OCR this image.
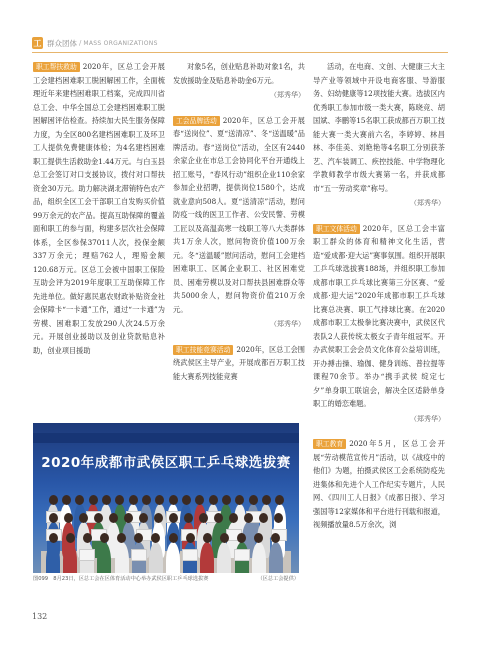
工 群众团体 / MASS ORGANIZATIONS

职工帮扶救助 2020年，区总工会开展工会建档困难职工脱困解困工作，全面梳理近年来建档困难职工档案，完成四川省总工会、中华全国总工会建档困难职工脱困解困评估检查。持续加大民生服务保障力度，为全区800名建档困难职工及环卫工人提供免费健康体检；为4名建档困难职工提供生活救助金1.44万元。与白玉县总工会签订对口支援协议，拨付对口帮扶资金30万元。助力解决湖北滞销特色农产品，组织全区工会干部职工自发购买价值99万余元的农产品。提高互助保障的覆盖面和职工的参与面，构建多层次社会保障体系，全区参保37011人次，投保金额337万余元；理赔762人，理赔金额120.68万元。区总工会被中国职工保险互助会评为2019年度职工互助保障工作先进单位。做好惠民惠农财政补贴资金社会保障卡“一卡通”工作，通过“一卡通”为劳模、困难职工发放290人次24.5万余元。开展创业援助以及创业贷款贴息补助，创业项目援助

对象5名，创业贴息补助对象1名，共发放援助金及贴息补助金6万元。

（郑秀华）

工会品牌活动 2020年，区总工会开展春“送岗位”、夏“送清凉”、冬“送温暖”品牌活动。春“送岗位”活动，全区有2440余家企业在市总工会协同化平台开通线上招工账号，“春风行动”组织企业110余家参加企业招聘，提供岗位1580个，达成就业意向508人。夏“送清凉”活动，慰问防疫一线的医卫工作者、公安民警、劳模工匠以及高温高寒一线职工等八大类群体共1万余人次，慰问物资价值100万余元。冬“送温暖”慰问活动，慰问工会建档困难职工、区属企业职工、社区困难党员、困难劳模以及对口帮扶县困难群众等共5000余人，慰问物资价值210万余元。

（郑秀华）

职工技能竞赛活动 2020年，区总工会围绕武侯区主导产业，开展成都百万职工技能大赛系列技能竞赛

活动，在电商、文创、大健康三大主导产业等领域中开设电商客服、导游服务、妇幼健康等12项技能大赛。选拔区内优秀职工参加市级一类大赛，陈晓竞、胡国斌、李鹏等15名职工获成都百万职工技能大赛一类大赛前六名，李婷婷、林昌林、李佳美、刘艳艳等4名职工分别获茶艺、汽车装调工、疾控技能、中学物理化学教师教学市级大赛第一名，并获成都市“五一劳动奖章”称号。

（郑秀华）

职工文体活动 2020年，区总工会丰富职工群众的体育和精神文化生活，营造“爱成都·迎大运”赛事氛围。组织开展职工乒乓球选拔赛188场，并组织职工参加成都市职工乒乓球比赛第三分区赛、“爱成都·迎大运”2020年成都市职工乒乓球比赛总决赛、职工气排球比赛。在2020成都市职工太极拳比赛决赛中，武侯区代表队2人获传统太极女子青年组冠军。开办武侯职工会会员文化体育公益培训班，开办搏击操、瑜伽、健身训练、普拉提等课程70余节。举办“携手武侯 绽定七夕”单身职工联谊会，解决全区适龄单身职工的婚恋难题。

（郑秀华）

职工教育 2020年5月，区总工会开展“劳动模范宣传月”活动，以《战疫中的他们》为题，拍摄武侯区工会系统防疫先进集体和先进个人工作纪实专题片，人民网、《四川工人日报》《成都日报》、学习强国等12家媒体和平台进行刊载和报道，视频播放量8.5万余次，浏

2020年成都市武侯区职工乒乓球选拔赛
图099　8月23日，区总工会在区体育活动中心举办武侯区职工乒乓球选拔赛	（区总工会提供）
132
